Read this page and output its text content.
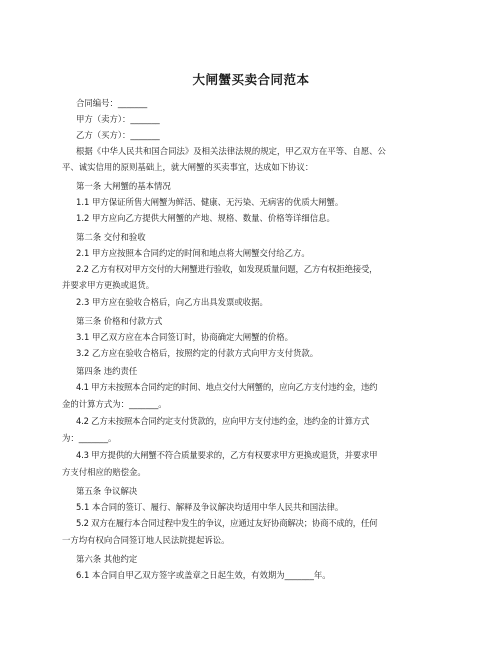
大闸蟹买卖合同范本
合同编号：_______
甲方（卖方）：_______
乙方（买方）：_______
根据《中华人民共和国合同法》及相关法律法规的规定，甲乙双方在平等、自愿、公
平、诚实信用的原则基础上，就大闸蟹的买卖事宜，达成如下协议：
第一条 大闸蟹的基本情况
1.1 甲方保证所售大闸蟹为鲜活、健康、无污染、无病害的优质大闸蟹。
1.2 甲方应向乙方提供大闸蟹的产地、规格、数量、价格等详细信息。
第二条 交付和验收
2.1 甲方应按照本合同约定的时间和地点将大闸蟹交付给乙方。
2.2 乙方有权对甲方交付的大闸蟹进行验收，如发现质量问题，乙方有权拒绝接受，
并要求甲方更换或退货。
2.3 甲方应在验收合格后，向乙方出具发票或收据。
第三条 价格和付款方式
3.1 甲乙双方应在本合同签订时，协商确定大闸蟹的价格。
3.2 乙方应在验收合格后，按照约定的付款方式向甲方支付货款。
第四条 违约责任
4.1 甲方未按照本合同约定的时间、地点交付大闸蟹的，应向乙方支付违约金，违约
金的计算方式为：_______。
4.2 乙方未按照本合同约定支付货款的，应向甲方支付违约金，违约金的计算方式
为：_______。
4.3 甲方提供的大闸蟹不符合质量要求的，乙方有权要求甲方更换或退货，并要求甲
方支付相应的赔偿金。
第五条 争议解决
5.1 本合同的签订、履行、解释及争议解决均适用中华人民共和国法律。
5.2 双方在履行本合同过程中发生的争议，应通过友好协商解决；协商不成的，任何
一方均有权向合同签订地人民法院提起诉讼。
第六条 其他约定
6.1 本合同自甲乙双方签字或盖章之日起生效，有效期为_______年。
